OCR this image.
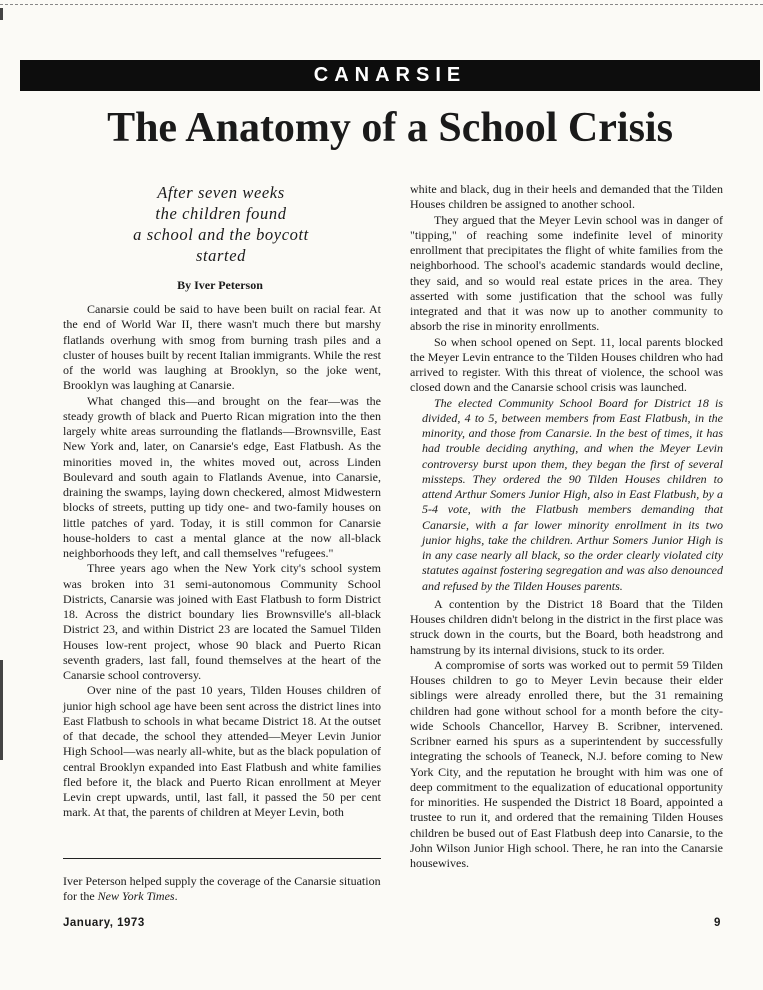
CANARSIE
The Anatomy of a School Crisis
After seven weeks
the children found
a school and the boycott
started
By Iver Peterson

Canarsie could be said to have been built on racial fear. At the end of World War II, there wasn't much there but marshy flatlands overhung with smog from burning trash piles and a cluster of houses built by recent Italian immigrants. While the rest of the world was laughing at Brooklyn, so the joke went, Brooklyn was laughing at Canarsie.

What changed this—and brought on the fear—was the steady growth of black and Puerto Rican migration into the then largely white areas surrounding the flatlands—Brownsville, East New York and, later, on Canarsie's edge, East Flatbush. As the minorities moved in, the whites moved out, across Linden Boulevard and south again to Flatlands Avenue, into Canarsie, draining the swamps, laying down checkered, almost Midwestern blocks of streets, putting up tidy one- and two-family houses on little patches of yard. Today, it is still common for Canarsie house-holders to cast a mental glance at the now all-black neighborhoods they left, and call themselves "refugees."

Three years ago when the New York city's school system was broken into 31 semi-autonomous Community School Districts, Canarsie was joined with East Flatbush to form District 18. Across the district boundary lies Brownsville's all-black District 23, and within District 23 are located the Samuel Tilden Houses low-rent project, whose 90 black and Puerto Rican seventh graders, last fall, found themselves at the heart of the Canarsie school controversy.

Over nine of the past 10 years, Tilden Houses children of junior high school age have been sent across the district lines into East Flatbush to schools in what became District 18. At the outset of that decade, the school they attended—Meyer Levin Junior High School—was nearly all-white, but as the black population of central Brooklyn expanded into East Flatbush and white families fled before it, the black and Puerto Rican enrollment at Meyer Levin crept upwards, until, last fall, it passed the 50 per cent mark. At that, the parents of children at Meyer Levin, both

white and black, dug in their heels and demanded that the Tilden Houses children be assigned to another school.

They argued that the Meyer Levin school was in danger of "tipping," of reaching some indefinite level of minority enrollment that precipitates the flight of white families from the neighborhood. The school's academic standards would decline, they said, and so would real estate prices in the area. They asserted with some justification that the school was fully integrated and that it was now up to another community to absorb the rise in minority enrollments.

So when school opened on Sept. 11, local parents blocked the Meyer Levin entrance to the Tilden Houses children who had arrived to register. With this threat of violence, the school was closed down and the Canarsie school crisis was launched.

The elected Community School Board for District 18 is divided, 4 to 5, between members from East Flatbush, in the minority, and those from Canarsie. In the best of times, it has had trouble deciding anything, and when the Meyer Levin controversy burst upon them, they began the first of several missteps. They ordered the 90 Tilden Houses children to attend Arthur Somers Junior High, also in East Flatbush, by a 5-4 vote, with the Flatbush members demanding that Canarsie, with a far lower minority enrollment in its two junior highs, take the children. Arthur Somers Junior High is in any case nearly all black, so the order clearly violated city statutes against fostering segregation and was also denounced and refused by the Tilden Houses parents.

A contention by the District 18 Board that the Tilden Houses children didn't belong in the district in the first place was struck down in the courts, but the Board, both headstrong and hamstrung by its internal divisions, stuck to its order.

A compromise of sorts was worked out to permit 59 Tilden Houses children to go to Meyer Levin because their elder siblings were already enrolled there, but the 31 remaining children had gone without school for a month before the city-wide Schools Chancellor, Harvey B. Scribner, intervened. Scribner earned his spurs as a superintendent by successfully integrating the schools of Teaneck, N.J. before coming to New York City, and the reputation he brought with him was one of deep commitment to the equalization of educational opportunity for minorities. He suspended the District 18 Board, appointed a trustee to run it, and ordered that the remaining Tilden Houses children be bused out of East Flatbush deep into Canarsie, to the John Wilson Junior High school. There, he ran into the Canarsie housewives.

Iver Peterson helped supply the coverage of the Canarsie situation for the New York Times.

January, 1973	9
